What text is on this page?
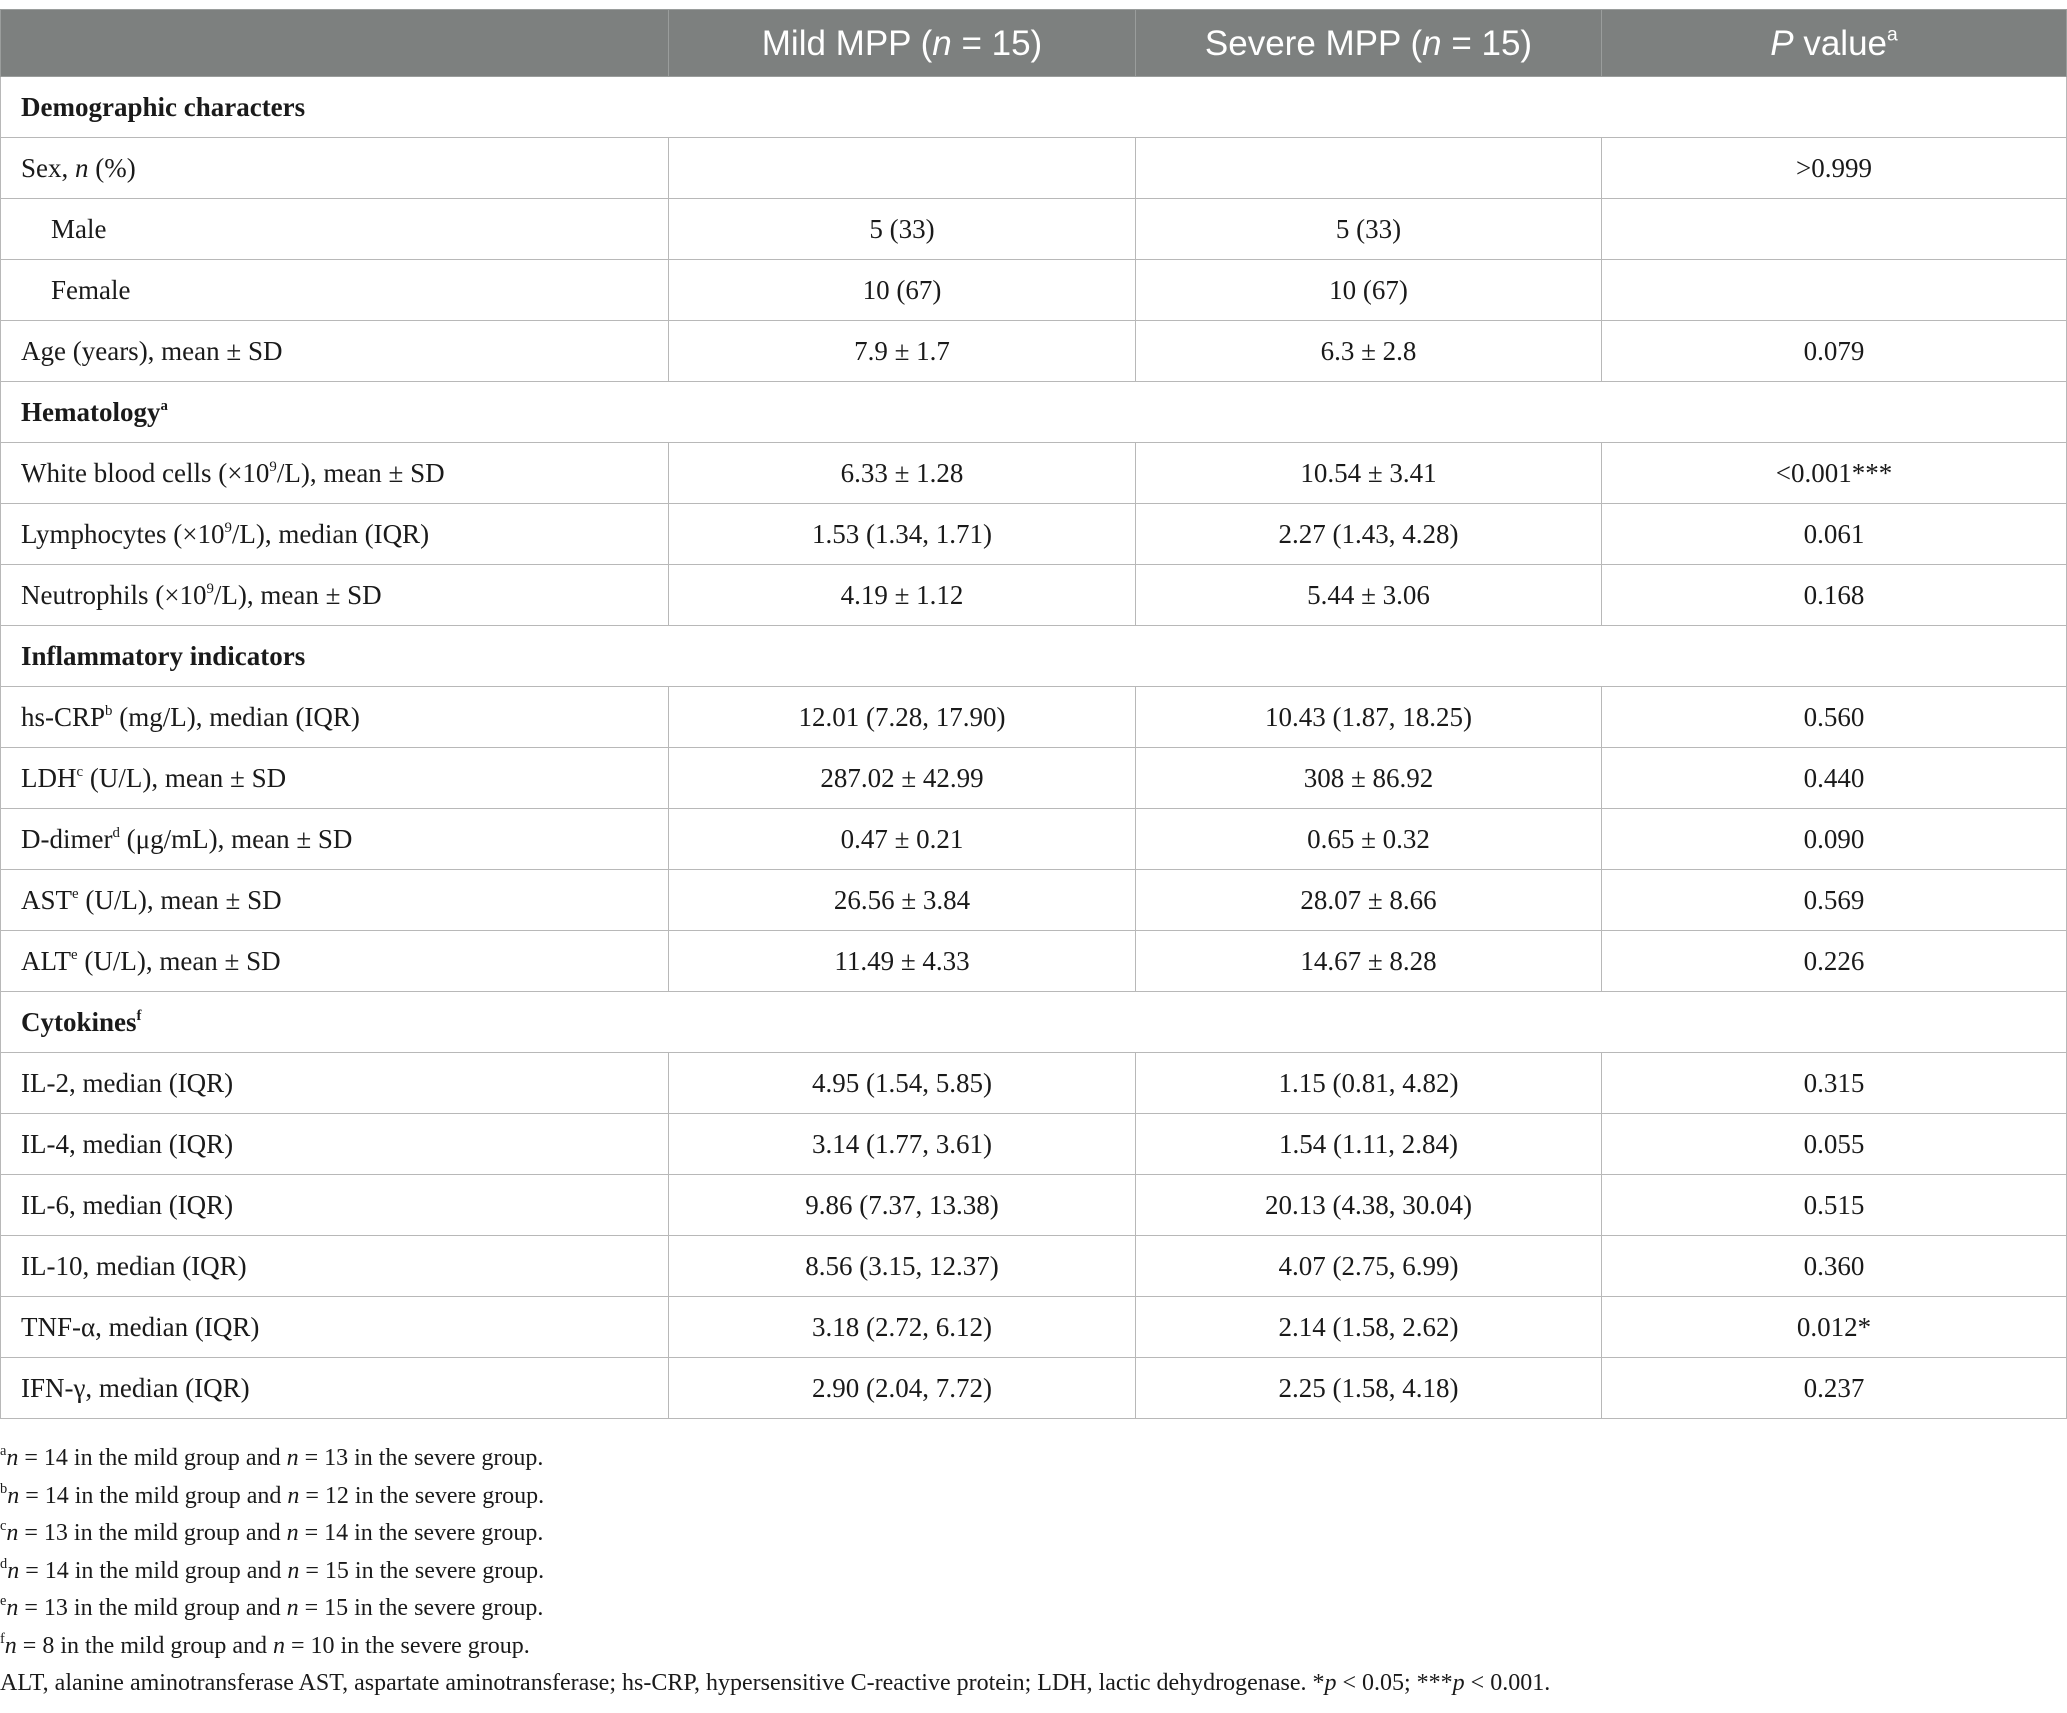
	Mild MPP (n = 15)	Severe MPP (n = 15)	P value$^a$
Demographic characters			
Sex, n (%)			>0.999
Male	5 (33)	5 (33)	
Female	10 (67)	10 (67)	
Age (years), mean ± SD	7.9 ± 1.7	6.3 ± 2.8	0.079
Hematology$^a$
White blood cells $(\times 10^9/L)$, mean ± SD	6.33 ± 1.28	10.54 ± 3.41	<0.001***
Lymphocytes $(\times 10^9/L)$, median (IQR)	1.53 (1.34, 1.71)	2.27 (1.43, 4.28)	0.061
Neutrophils $(\times 10^9/L)$, mean ± SD	4.19 ± 1.12	5.44 ± 3.06	0.168
Inflammatory indicators			
hs-CRP$^b$ (mg/L), median (IQR)	12.01 (7.28, 17.90)	10.43 (1.87, 18.25)	0.560
LDH$^c$ (U/L), mean ± SD	287.02 ± 42.99	308 ± 86.92	0.440
D-dimer$^d$ (μg/mL), mean ± SD	0.47 ± 0.21	0.65 ± 0.32	0.090
AST$^e$ (U/L), mean ± SD	26.56 ± 3.84	28.07 ± 8.66	0.569
ALT$^e$ (U/L), mean ± SD	11.49 ± 4.33	14.67 ± 8.28	0.226
Cytokines$^f$
IL-2, median (IQR)	4.95 (1.54, 5.85)	1.15 (0.81, 4.82)	0.315
IL-4, median (IQR)	3.14 (1.77, 3.61)	1.54 (1.11, 2.84)	0.055
IL-6, median (IQR)	9.86 (7.37, 13.38)	20.13 (4.38, 30.04)	0.515
IL-10, median (IQR)	8.56 (3.15, 12.37)	4.07 (2.75, 6.99)	0.360
TNF-α, median (IQR)	3.18 (2.72, 6.12)	2.14 (1.58, 2.62)	0.012*
IFN-γ, median (IQR)	2.90 (2.04, 7.72)	2.25 (1.58, 4.18)	0.237
$^a$n = 14 in the mild group and n = 13 in the severe group.
$^b$n = 14 in the mild group and n = 12 in the severe group.
$^c$n = 13 in the mild group and n = 14 in the severe group.
$^d$n = 14 in the mild group and n = 15 in the severe group.
$^e$n = 13 in the mild group and n = 15 in the severe group.
$^f$n = 8 in the mild group and n = 10 in the severe group.
ALT, alanine aminotransferase AST, aspartate aminotransferase; hs-CRP, hypersensitive C-reactive protein; LDH, lactic dehydrogenase. *p < 0.05; ***p < 0.001.
